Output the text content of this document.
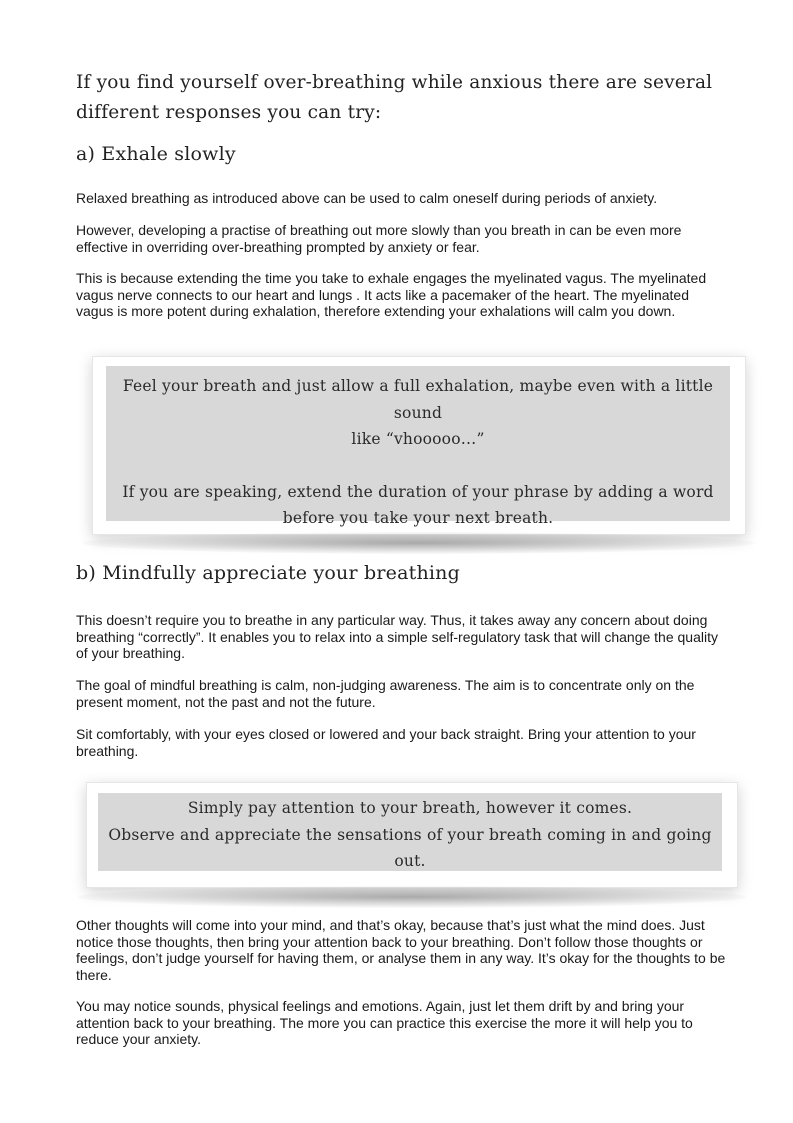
If you find yourself over-breathing while anxious there are several different responses you can try:

a) Exhale slowly

Relaxed breathing as introduced above can be used to calm oneself during periods of anxiety.

However, developing a practise of breathing out more slowly than you breath in can be even more effective in overriding over-breathing prompted by anxiety or fear.

This is because extending the time you take to exhale engages the myelinated vagus. The myelinated vagus nerve connects to our heart and lungs . It acts like a pacemaker of the heart. The myelinated vagus is more potent during exhalation, therefore extending your exhalations will calm you down.

Feel your breath and just allow a full exhalation, maybe even with a little sound
like “vhooooo…”
If you are speaking, extend the duration of your phrase by adding a word
before you take your next breath.
b) Mindfully appreciate your breathing

This doesn’t require you to breathe in any particular way. Thus, it takes away any concern about doing breathing “correctly”. It enables you to relax into a simple self-regulatory task that will change the quality of your breathing.

The goal of mindful breathing is calm, non-judging awareness. The aim is to concentrate only on the present moment, not the past and not the future.

Sit comfortably, with your eyes closed or lowered and your back straight. Bring your attention to your breathing.

Simply pay attention to your breath, however it comes.
Observe and appreciate the sensations of your breath coming in and going out.

Other thoughts will come into your mind, and that’s okay, because that’s just what the mind does. Just notice those thoughts, then bring your attention back to your breathing. Don’t follow those thoughts or feelings, don’t judge yourself for having them, or analyse them in any way. It’s okay for the thoughts to be there.

You may notice sounds, physical feelings and emotions. Again, just let them drift by and bring your attention back to your breathing. The more you can practice this exercise the more it will help you to reduce your anxiety.
